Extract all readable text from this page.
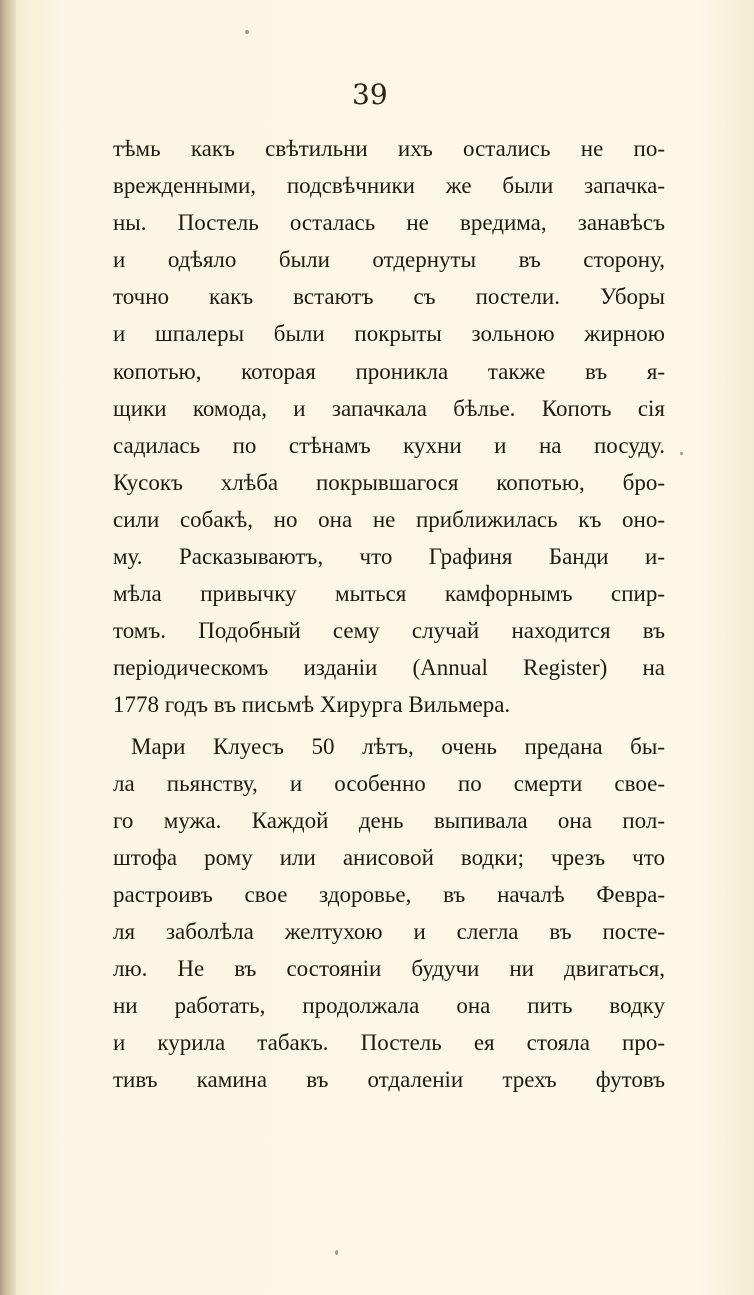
39
тѣмь какъ свѣтильни ихъ остались не по-
врежденными, подсвѣчники же были запачка-
ны. Постель осталась не вредима, занавѣсъ
и одѣяло были отдернуты въ сторону,
точно какъ встаютъ съ постели. Уборы
и шпалеры были покрыты зольною жирною
копотью, которая проникла также въ я-
щики комода, и запачкала бѣлье. Копоть сія
садилась по стѣнамъ кухни и на посуду.
Кусокъ хлѣба покрывшагося копотью, бро-
сили собакѣ, но она не приближилась къ оно-
му. Расказываютъ, что Графиня Банди и-
мѣла привычку мыться камфорнымъ спир-
томъ. Подобный сему случай находится въ
періодическомъ изданіи (Annual Register) на
1778 годъ въ письмѣ Хирурга Вильмера.
Мари Клуесъ 50 лѣтъ, очень предана бы-
ла пьянству, и особенно по смерти свое-
го мужа. Каждой день выпивала она пол-
штофа рому или анисовой водки; чрезъ что
растроивъ свое здоровье, въ началѣ Февра-
ля заболѣла желтухою и слегла въ посте-
лю. Не въ состояніи будучи ни двигаться,
ни работать, продолжала она пить водку
и курила табакъ. Постель ея стояла про-
тивъ камина въ отдаленіи трехъ футовъ
